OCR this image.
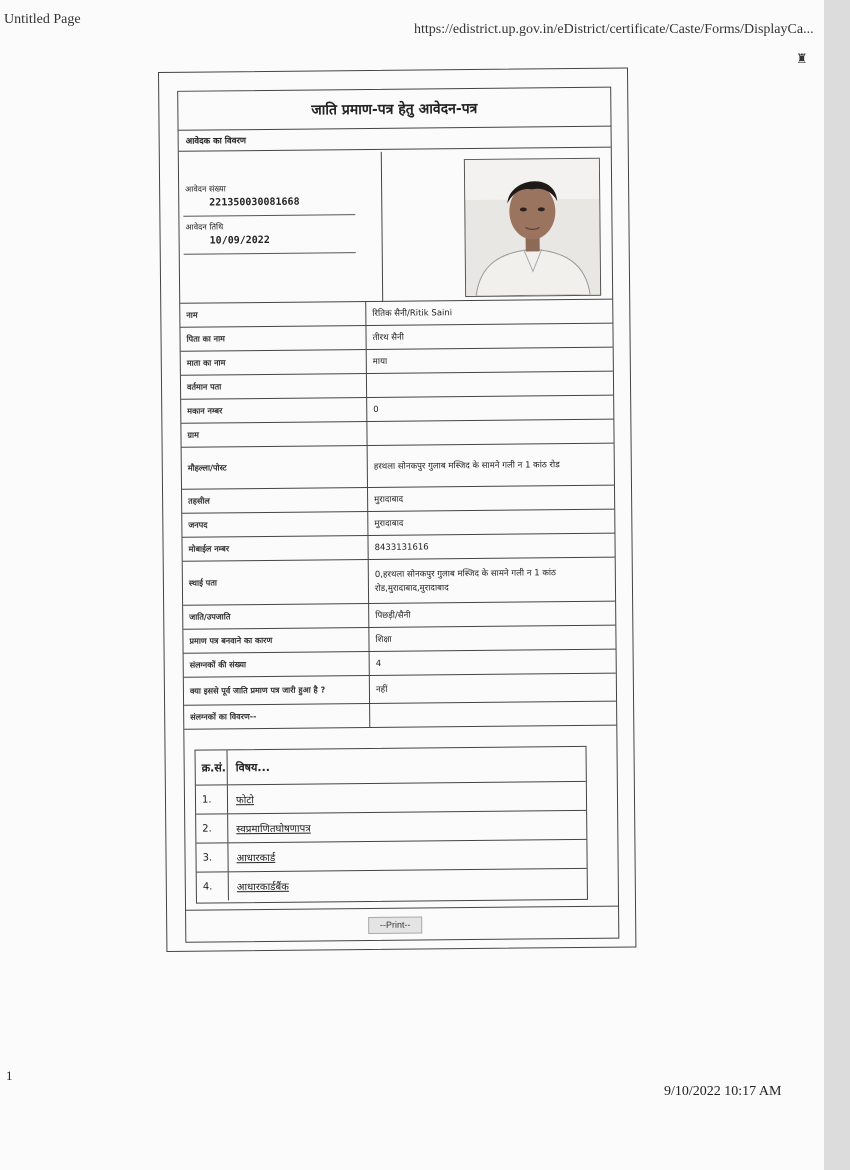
Untitled Page
https://edistrict.up.gov.in/eDistrict/certificate/Caste/Forms/DisplayCa...
♜
जाति प्रमाण-पत्र हेतु आवेदन-पत्र
आवेदक का विवरण
आवेदन संख्या
221350030081668
आवेदन तिथि
10/09/2022
नाम	रितिक सैनी/Ritik Saini
पिता का नाम	तीरथ सैनी
माता का नाम	माया
वर्तमान पता
मकान नम्बर	0
ग्राम
मौहल्ला/पोस्ट	हरथला सोनकपुर गुलाब मस्जिद के सामने गली न 1 कांठ रोड
तहसील	मुरादाबाद
जनपद	मुरादाबाद
मोबाईल नम्बर	8433131616
स्थाई पता
0,हरथला सोनकपुर गुलाब मस्जिद के सामने गली न 1 कांठ रोड,मुरादाबाद,मुरादाबाद
जाति/उपजाति	पिछड़ी/सैनी
प्रमाण पत्र बनवाने का कारण	शिक्षा
संलग्नकों की संख्या	4
क्या इससे पूर्व जाति प्रमाण पत्र जारी हुआ है ?	नहीं
संलग्नकों का विवरण--
क्र.सं. विषय...
1.	फोटो
2.	स्वप्रमाणितघोषणापत्र
3.	आधारकार्ड
4.	आधारकार्डबैंक
--Print--
1
9/10/2022 10:17 AM
